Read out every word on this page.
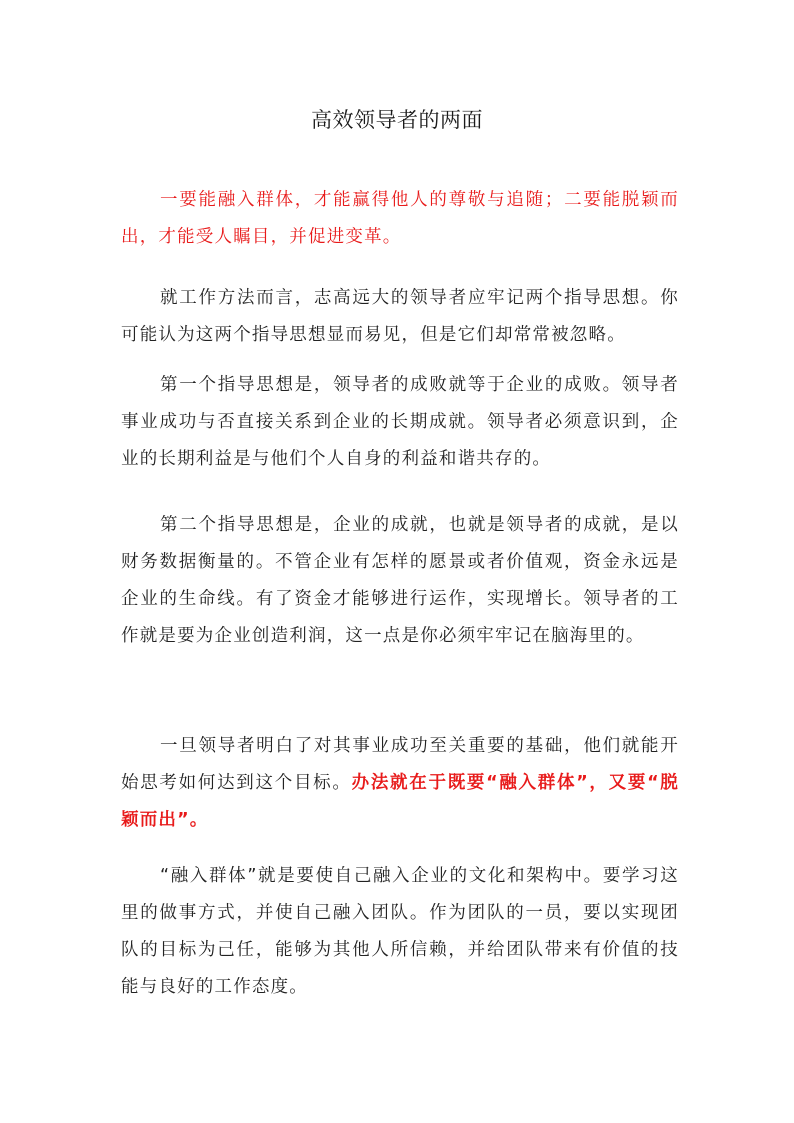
高效领导者的两面

一要能融入群体，才能赢得他人的尊敬与追随；二要能脱颖而出，才能受人瞩目，并促进变革。

就工作方法而言，志高远大的领导者应牢记两个指导思想。你可能认为这两个指导思想显而易见，但是它们却常常被忽略。

第一个指导思想是，领导者的成败就等于企业的成败。领导者事业成功与否直接关系到企业的长期成就。领导者必须意识到，企业的长期利益是与他们个人自身的利益和谐共存的。

第二个指导思想是，企业的成就，也就是领导者的成就，是以财务数据衡量的。不管企业有怎样的愿景或者价值观，资金永远是企业的生命线。有了资金才能够进行运作，实现增长。领导者的工作就是要为企业创造利润，这一点是你必须牢牢记在脑海里的。

一旦领导者明白了对其事业成功至关重要的基础，他们就能开始思考如何达到这个目标。办法就在于既要“融入群体”，又要“脱颖而出”。

“融入群体”就是要使自己融入企业的文化和架构中。要学习这里的做事方式，并使自己融入团队。作为团队的一员，要以实现团队的目标为己任，能够为其他人所信赖，并给团队带来有价值的技能与良好的工作态度。
